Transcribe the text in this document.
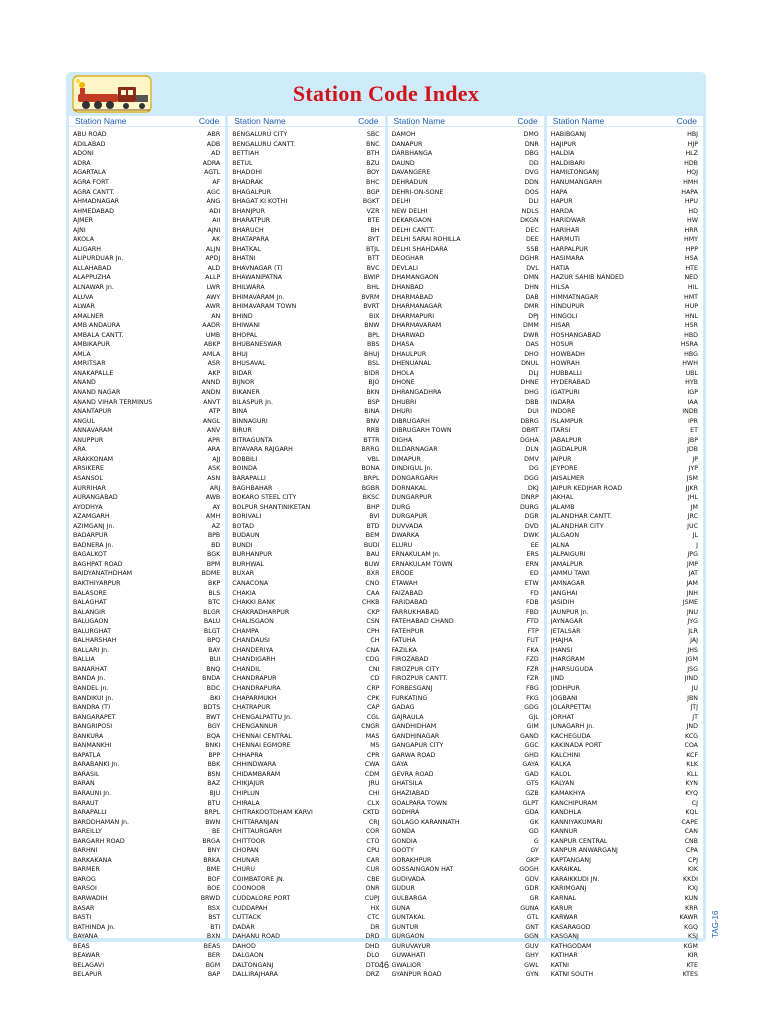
Station Code Index
Station Name	Code
ABU ROAD	ABR
ADILABAD	ADB
ADONI	AD
ADRA	ADRA
AGARTALA	AGTL
AGRA FORT	AF
AGRA CANTT.	AGC
AHMADNAGAR	ANG
AHMEDABAD	ADI
AJMER	AII
AJNI	AJNI
AKOLA	AK
ALIGARH	ALJN
ALIPURDUAR Jn.	APDJ
ALLAHABAD	ALD
ALAPPUZHA	ALLP
ALNAWAR Jn.	LWR
ALUVA	AWY
ALWAR	AWR
AMALNER	AN
AMB ANDAURA	AADR
AMBALA CANTT.	UMB
AMBIKAPUR	ABKP
AMLA	AMLA
AMRITSAR	ASR
ANAKAPALLE	AKP
ANAND	ANND
ANAND NAGAR	ANDN
ANAND VIHAR TERMINUS	ANVT
ANANTAPUR	ATP
ANGUL	ANGL
ANNAVARAM	ANV
ANUPPUR	APR
ARA	ARA
ARAKKONAM	AJJ
ARSIKERE	ASK
ASANSOL	ASN
AURRIHAR	ARJ
AURANGABAD	AWB
AYODHYA	AY
AZAMGARH	AMH
AZIMGANJ Jn.	AZ
BADARPUR	BPB
BADNERA Jn.	BD
BAGALKOT	BGK
BAGHPAT ROAD	BPM
BAIDYANATHDHAM	BDME
BAKTHIYARPUR	BKP
BALASORE	BLS
BALAGHAT	BTC
BALANGIR	BLGR
BALUGAON	BALU
BALURGHAT	BLGT
BALHARSHAH	BPQ
BALLARI Jn.	BAY
BALLIA	BUI
BANARHAT	BNQ
BANDA Jn.	BNDA
BANDEL Jn.	BDC
BANDIKUI Jn.	BKI
BANDRA (T)	BDTS
BANGARAPET	BWT
BANGRIPOSI	BGY
BANKURA	BQA
BANMANKHI	BNKI
BAPATLA	BPP
BARABANKI Jn.	BBK
BARASIL	BSN
BARAN	BAZ
BARAUNI Jn.	BJU
BARAUT	BTU
BARAPALLI	BRPL
BARDDHAMAN Jn.	BWN
BAREILLY	BE
BARGARH ROAD	BRGA
BARHNI	BNY
BARKAKANA	BRKA
BARMER	BME
BAROG	BOF
BARSOI	BOE
BARWADIH	BRWD
BASAR	BSX
BASTI	BST
BATHINDA Jn.	BTI
BAYANA	BXN
BEAS	BEAS
BEAWAR	BER
BELAGAVI	BGM
BELAPUR	BAP
Station Name	Code
BENGALURU CITY	SBC
BENGALURU CANTT.	BNC
BETTIAH	BTH
BETUL	BZU
BHADOHI	BOY
BHADRAK	BHC
BHAGALPUR	BGP
BHAGAT KI KOTHI	BGKT
BHANJPUR	VZR
BHARATPUR	BTE
BHARUCH	BH
BHATAPARA	BYT
BHATKAL	BTJL
BHATNI	BTT
BHAVNAGAR (T)	BVC
BHAWANIPATNA	BWIP
BHILWARA	BHL
BHIMAVARAM Jn.	BVRM
BHIMAVARAM TOWN	BVRT
BHIND	BIX
BHIWANI	BNW
BHOPAL	BPL
BHUBANESWAR	BBS
BHUJ	BHUJ
BHUSAVAL	BSL
BIDAR	BIDR
BIJNOR	BJO
BIKANER	BKN
BILASPUR Jn.	BSP
BINA	BINA
BINNAGURI	BNV
BIRUR	RRB
BITRAGUNTA	BTTR
BIYAVARA RAJGARH	BRRG
BOBBILI	VBL
BOINDA	BONA
BARAPALLI	BRPL
BAGHBAHAR	BGBR
BOKARO STEEL CITY	BKSC
BOLPUR SHANTINIKETAN	BHP
BORIVALI	BVI
BOTAD	BTD
BUDAUN	BEM
BUNDI	BUDI
BURHANPUR	BAU
BURHWAL	BUW
BUXAR	BXR
CANACONA	CNO
CHAKIA	CAA
CHAKKI BANK	CHKB
CHAKRADHARPUR	CKP
CHALISGAON	CSN
CHAMPA	CPH
CHANDAUSI	CH
CHANDERIYA	CNA
CHANDIGARH	CDG
CHANDIL	CNI
CHANDRAPUR	CD
CHANDRAPURA	CRP
CHAPARMUKH	CPK
CHATRAPUR	CAP
CHENGALPATTU Jn.	CGL
CHENGANNUR	CNGR
CHENNAI CENTRAL	MAS
CHENNAI EGMORE	MS
CHHAPRA	CPR
CHHINDWARA	CWA
CHIDAMBARAM	CDM
CHIKJAJUR	JRU
CHIPLUN	CHI
CHIRALA	CLX
CHITRAKOOTDHAM KARVI	CKTD
CHITTARANJAN	CRJ
CHITTAURGARH	COR
CHITTOOR	CTO
CHOPAN	CPU
CHUNAR	CAR
CHURU	CUR
COIMBATORE JN.	CBE
COONOOR	ONR
CUDDALORE PORT	CUPJ
CUDDAPAH	HX
CUTTACK	CTC
DADAR	DR
DAHANU ROAD	DRD
DAHOD	DHD
DALGAON	DLO
DALTONGANJ	DTO
DALLIRAJHARA	DRZ
Station Name	Code
DAMOH	DMO
DANAPUR	DNR
DARBHANGA	DBG
DAUND	DD
DAVANGERE	DVG
DEHRADUN	DDN
DEHRI-ON-SONE	DOS
DELHI	DLI
NEW DELHI	NDLS
DEKARGAON	DKGN
DELHI CANTT.	DEC
DELHI SARAI ROHILLA	DEE
DELHI SHAHDARA	SSB
DEOGHAR	DGHR
DEVLALI	DVL
DHAMANGAON	DMN
DHANBAD	DHN
DHARMABAD	DAB
DHARMANAGAR	DMR
DHARMAPURI	DPJ
DHARMAVARAM	DMM
DHARWAD	DWR
DHASA	DAS
DHAULPUR	DHO
DHENUANAL	DNUL
DHOLA	DLJ
DHONE	DHNE
DHRANGADHRA	DHG
DHUBRI	DBB
DHURI	DUI
DIBRUGARH	DBRG
DIBRUGARH TOWN	DBRT
DIGHA	DGHA
DILDARNAGAR	DLN
DIMAPUR	DMV
DINDIGUL Jn.	DG
DONGARGARH	DGG
DORNAKAL	DKJ
DUNGARPUR	DNRP
DURG	DURG
DURGAPUR	DGR
DUVVADA	DVD
DWARKA	DWK
ELURU	EE
ERNAKULAM Jn.	ERS
ERNAKULAM TOWN	ERN
ERODE	ED
ETAWAH	ETW
FAIZABAD	FD
FARIDABAD	FDB
FARRUKHABAD	FBD
FATEHABAD CHAND	FTD
FATEHPUR	FTP
FATUHA	FUT
FAZILKA	FKA
FIROZABAD	FZD
FIROZPUR CITY	FZR
FIROZPUR CANTT.	FZR
FORBESGANJ	FBG
FURKATING	FKG
GADAG	GDG
GAJRAULA	GJL
GANDHIDHAM	GIM
GANDHINAGAR	GAND
GANGAPUR CITY	GGC
GARWA ROAD	GHD
GAYA	GAYA
GEVRA ROAD	GAD
GHATSILA	GTS
GHAZIABAD	GZB
GOALPARA TOWN	GLPT
GODHRA	GDA
GOLAGO KARANNATH	GK
GONDA	GD
GONDIA	G
GOOTY	GY
GORAKHPUR	GKP
GOSSAINGAON HAT	GOGH
GUDIVADA	GDV
GUDUR	GDR
GULBARGA	GR
GUNA	GUNA
GUNTAKAL	GTL
GUNTUR	GNT
GURGAON	GGN
GURUVAYUR	GUV
GUWAHATI	GHY
GWALIOR	GWL
GYANPUR ROAD	GYN
Station Name	Code
HABIBGANJ	HBJ
HAJIPUR	HJP
HALDIA	HLZ
HALDIBARI	HDB
HAMILTONGANJ	HQJ
HANUMANGARH	HMH
HAPA	HAPA
HAPUR	HPU
HARDA	HD
HARIDWAR	HW
HARIHAR	HRR
HARMUTI	HMY
HARPALPUR	HPP
HASIMARA	HSA
HATIA	HTE
HAZUR SAHIB NANDED	NED
HILSA	HIL
HIMMATNAGAR	HMT
HINDUPUR	HUP
HINGOLI	HNL
HISAR	HSR
HOSHANGABAD	HBD
HOSUR	HSRA
HOWBADH	HBG
HOWRAH	HWH
HUBBALLI	UBL
HYDERABAD	HYB
IGATPURI	IGP
INDARA	IAA
INDORE	INDB
ISLAMPUR	IPR
ITARSI	ET
JABALPUR	JBP
JAGDALPUR	JDB
JAIPUR	JP
JEYPORE	JYP
JAISALMER	JSM
JAIPUR KEDJHAR ROAD	JJKR
JAKHAL	JHL
JALAMB	JM
JALANDHAR CANTT.	JRC
JALANDHAR CITY	JUC
JALGAON	JL
JALNA	J
JALPAIGURI	JPG
JAMALPUR	JMP
JAMMU TAWI	JAT
JAMNAGAR	JAM
JANGHAI	JNH
JASIDIH	JSME
JAUNPUR Jn.	JNU
JAYNAGAR	JYG
JETALSAR	JLR
JHAJHA	JAJ
JHANSI	JHS
JHARGRAM	JGM
JHARSUGUDA	JSG
JIND	JIND
JODHPUR	JU
JOGBANI	JBN
JOLARPETTAI	JTJ
JORHAT	JT
JUNAGARH Jn.	JND
KACHEGUDA	KCG
KAKINADA PORT	COA
KALCHINI	KCF
KALKA	KLK
KALOL	KLL
KALYAN	KYN
KAMAKHYA	KYQ
KANCHIPURAM	CJ
KANDHLA	KQL
KANNIYAKUMARI	CAPE
KANNUR	CAN
KANPUR CENTRAL	CNB
KANPUR ANWARGANJ	CPA
KAPTANGANJ	CPJ
KARAIKAL	KIK
KARAIKKUDI JN.	KKDI
KARIMGANJ	KXJ
KARNAL	KUN
KARUR	KRR
KARWAR	KAWR
KASARAGOD	KGQ
KASGANJ	KSJ
KATHGODAM	KGM
KATIHAR	KIR
KATNI	KTE
KATNI SOUTH	KTES
46
TAG-16
